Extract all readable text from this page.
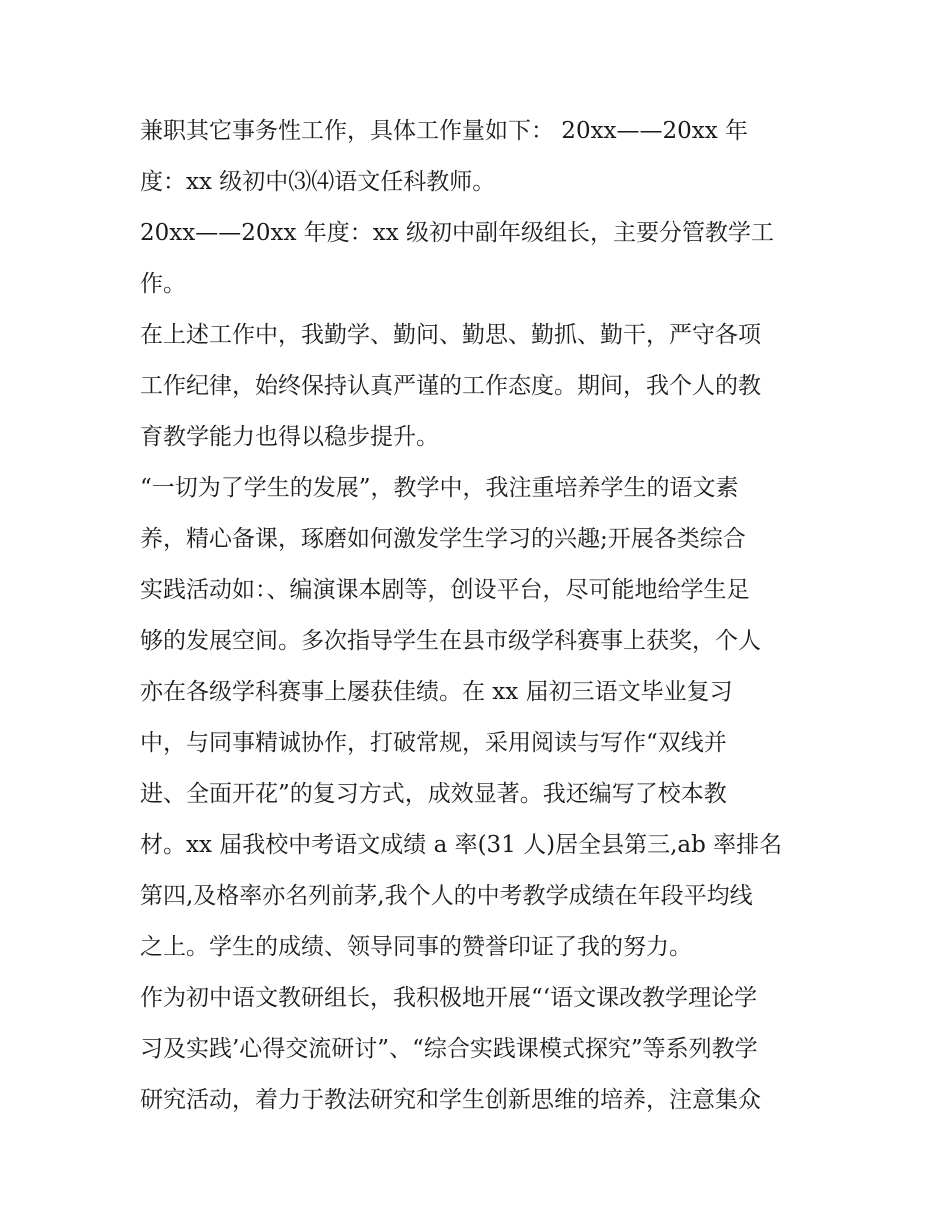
兼职其它事务性工作，具体工作量如下： 20xx——20xx 年
度：xx 级初中⑶⑷语文任科教师。
20xx——20xx 年度：xx 级初中副年级组长，主要分管教学工
作。
在上述工作中，我勤学、勤问、勤思、勤抓、勤干，严守各项
工作纪律，始终保持认真严谨的工作态度。期间，我个人的教
育教学能力也得以稳步提升。
“一切为了学生的发展”，教学中，我注重培养学生的语文素
养，精心备课，琢磨如何激发学生学习的兴趣;开展各类综合
实践活动如：、编演课本剧等，创设平台，尽可能地给学生足
够的发展空间。多次指导学生在县市级学科赛事上获奖，个人
亦在各级学科赛事上屡获佳绩。在 xx 届初三语文毕业复习
中，与同事精诚协作，打破常规，采用阅读与写作“双线并
进、全面开花”的复习方式，成效显著。我还编写了校本教
材。xx 届我校中考语文成绩 a 率(31 人)居全县第三,ab 率排名
第四,及格率亦名列前茅,我个人的中考教学成绩在年段平均线
之上。学生的成绩、领导同事的赞誉印证了我的努力。
作为初中语文教研组长，我积极地开展“‘语文课改教学理论学
习及实践’心得交流研讨”、“综合实践课模式探究”等系列教学
研究活动，着力于教法研究和学生创新思维的培养，注意集众
